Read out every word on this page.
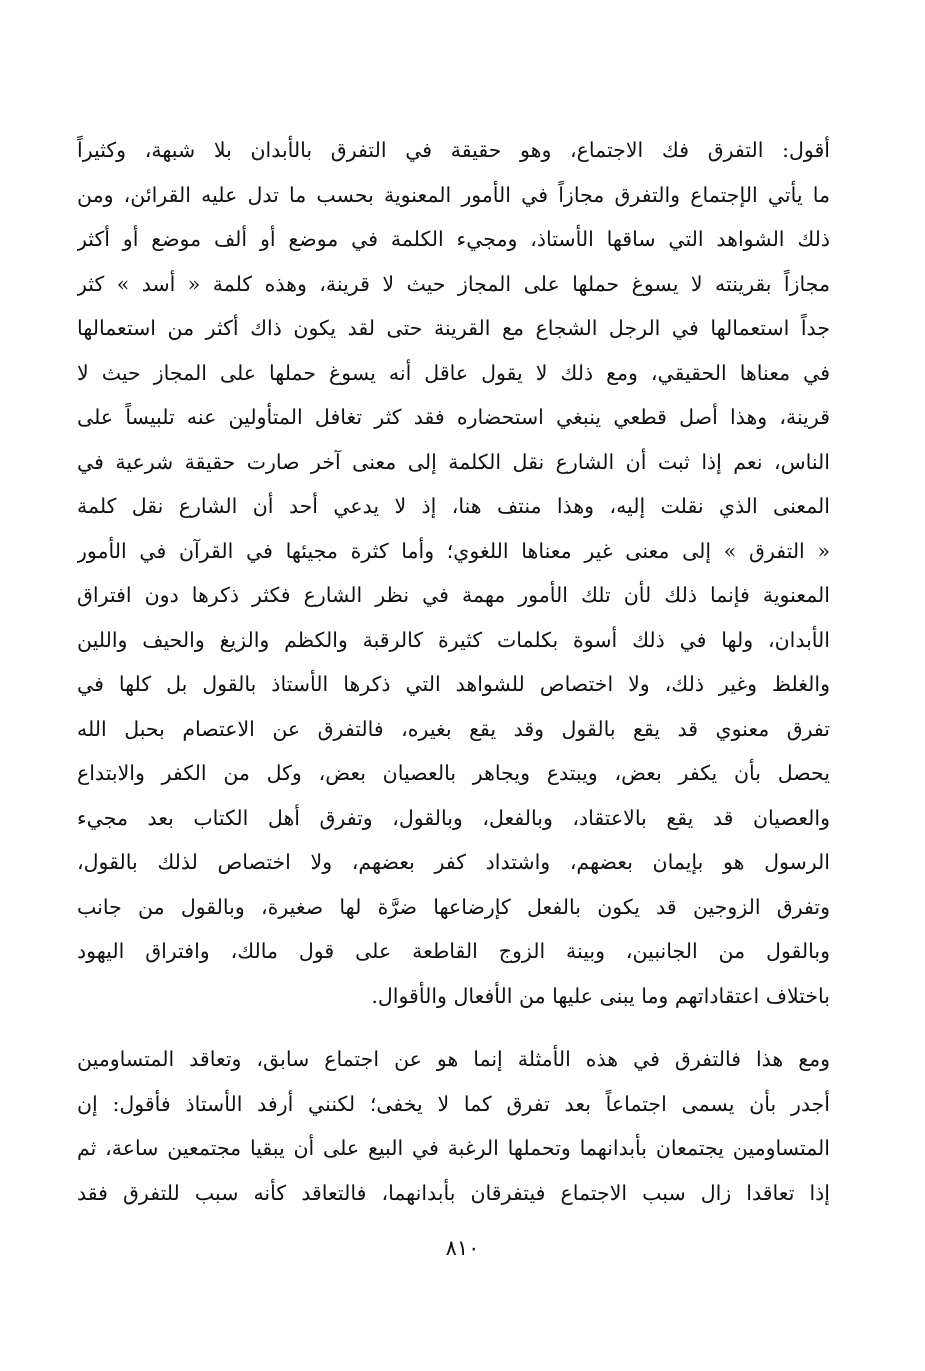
أقول: التفرق فك الاجتماع، وهو حقيقة في التفرق بالأبدان بلا شبهة، وكثيراً
ما يأتي الإجتماع والتفرق مجازاً في الأمور المعنوية بحسب ما تدل عليه القرائن، ومن
ذلك الشواهد التي ساقها الأستاذ، ومجيء الكلمة في موضع أو ألف موضع أو أكثر
مجازاً بقرينته لا يسوغ حملها على المجاز حيث لا قرينة، وهذه كلمة « أسد » كثر
جداً استعمالها في الرجل الشجاع مع القرينة حتى لقد يكون ذاك أكثر من استعمالها
في معناها الحقيقي، ومع ذلك لا يقول عاقل أنه يسوغ حملها على المجاز حيث لا
قرينة، وهذا أصل قطعي ينبغي استحضاره فقد كثر تغافل المتأولين عنه تلبيساً على
الناس، نعم إذا ثبت أن الشارع نقل الكلمة إلى معنى آخر صارت حقيقة شرعية في
المعنى الذي نقلت إليه، وهذا منتف هنا، إذ لا يدعي أحد أن الشارع نقل كلمة
« التفرق » إلى معنى غير معناها اللغوي؛ وأما كثرة مجيئها في القرآن في الأمور
المعنوية فإنما ذلك لأن تلك الأمور مهمة في نظر الشارع فكثر ذكرها دون افتراق
الأبدان، ولها في ذلك أسوة بكلمات كثيرة كالرقبة والكظم والزيغ والحيف واللين
والغلظ وغير ذلك، ولا اختصاص للشواهد التي ذكرها الأستاذ بالقول بل كلها في
تفرق معنوي قد يقع بالقول وقد يقع بغيره، فالتفرق عن الاعتصام بحبل الله
يحصل بأن يكفر بعض، ويبتدع ويجاهر بالعصيان بعض، وكل من الكفر والابتداع
والعصيان قد يقع بالاعتقاد، وبالفعل، وبالقول، وتفرق أهل الكتاب بعد مجيء
الرسول هو بإيمان بعضهم، واشتداد كفر بعضهم، ولا اختصاص لذلك بالقول،
وتفرق الزوجين قد يكون بالفعل كإرضاعها ضرَّة لها صغيرة، وبالقول من جانب
وبالقول من الجانبين، وبينة الزوج القاطعة على قول مالك، وافتراق اليهود
باختلاف اعتقاداتهم وما يبنى عليها من الأفعال والأقوال.
ومع هذا فالتفرق في هذه الأمثلة إنما هو عن اجتماع سابق، وتعاقد المتساومين
أجدر بأن يسمى اجتماعاً بعد تفرق كما لا يخفى؛ لكنني أرفد الأستاذ فأقول: إن
المتساومين يجتمعان بأبدانهما وتحملها الرغبة في البيع على أن يبقيا مجتمعين ساعة، ثم
إذا تعاقدا زال سبب الاجتماع فيتفرقان بأبدانهما، فالتعاقد كأنه سبب للتفرق فقد
٨١٠
